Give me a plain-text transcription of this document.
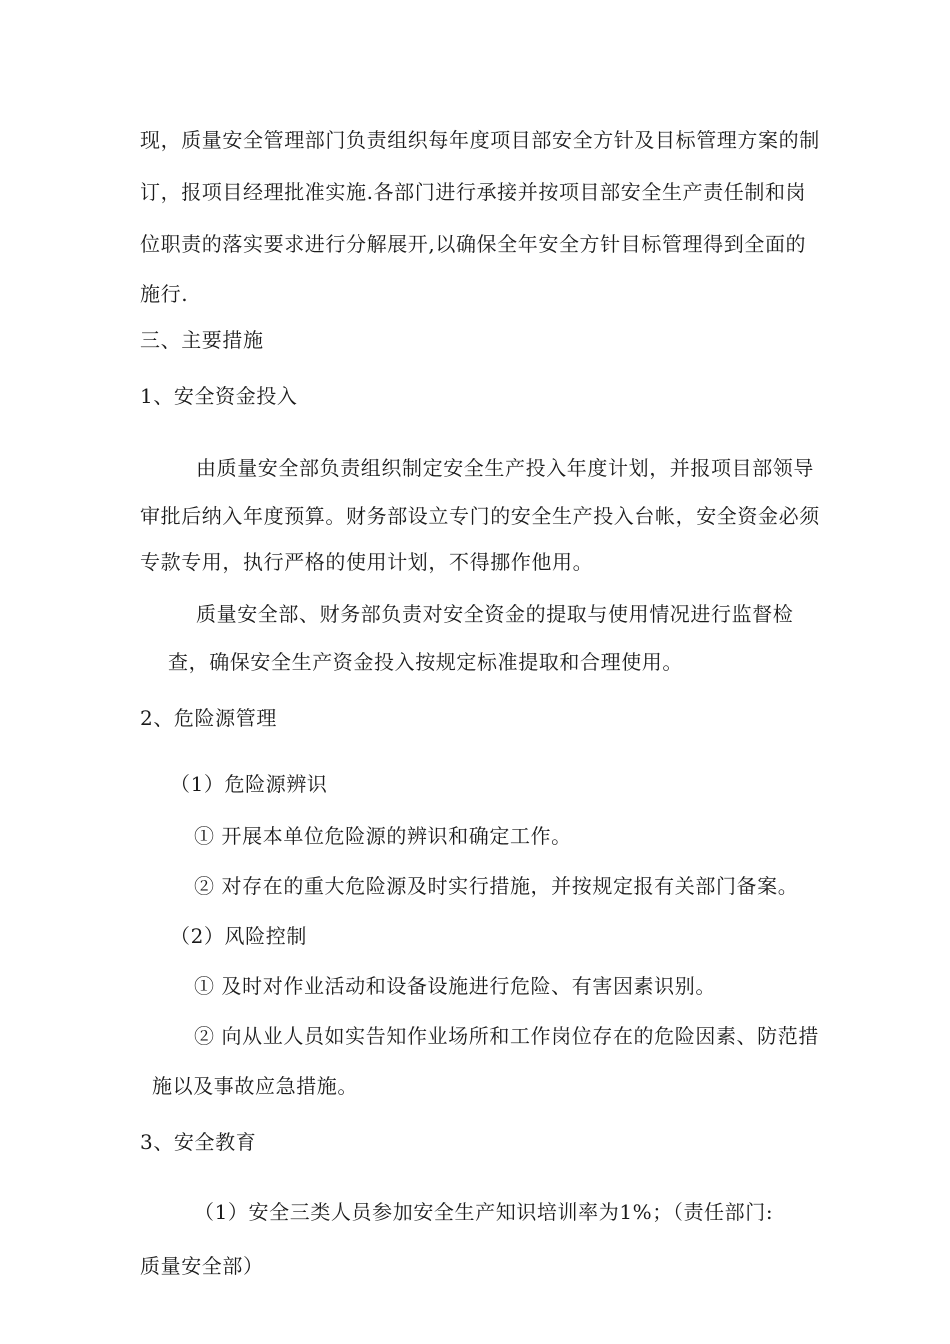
现，质量安全管理部门负责组织每年度项目部安全方针及目标管理方案的制
订，报项目经理批准实施.各部门进行承接并按项目部安全生产责任制和岗
位职责的落实要求进行分解展开,以确保全年安全方针目标管理得到全面的
施行.
三、主要措施
1、安全资金投入
由质量安全部负责组织制定安全生产投入年度计划，并报项目部领导
审批后纳入年度预算。财务部设立专门的安全生产投入台帐，安全资金必须
专款专用，执行严格的使用计划，不得挪作他用。
质量安全部、财务部负责对安全资金的提取与使用情况进行监督检
查，确保安全生产资金投入按规定标准提取和合理使用。
2、危险源管理
（1）危险源辨识
① 开展本单位危险源的辨识和确定工作。
② 对存在的重大危险源及时实行措施，并按规定报有关部门备案。
（2）风险控制
① 及时对作业活动和设备设施进行危险、有害因素识别。
② 向从业人员如实告知作业场所和工作岗位存在的危险因素、防范措
施以及事故应急措施。
3、安全教育
（1）安全三类人员参加安全生产知识培训率为1%；（责任部门:
质量安全部）
